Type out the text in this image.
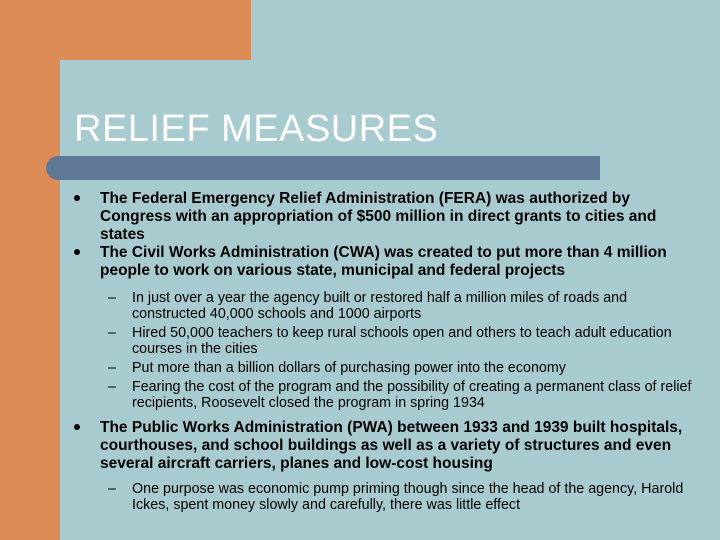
RELIEF MEASURES
The Federal Emergency Relief Administration (FERA) was authorized by Congress with an appropriation of $500 million in direct grants to cities and states
The Civil Works Administration (CWA) was created to put more than 4 million people to work on various state, municipal and federal projects
– In just over a year the agency built or restored half a million miles of roads and constructed 40,000 schools and 1000 airports
– Hired 50,000 teachers to keep rural schools open and others to teach adult education courses in the cities
– Put more than a billion dollars of purchasing power into the economy
– Fearing the cost of the program and the possibility of creating a permanent class of relief recipients, Roosevelt closed the program in spring 1934
The Public Works Administration (PWA) between 1933 and 1939 built hospitals, courthouses, and school buildings as well as a variety of structures and even several aircraft carriers, planes and low-cost housing
– One purpose was economic pump priming though since the head of the agency, Harold Ickes, spent money slowly and carefully, there was little effect
